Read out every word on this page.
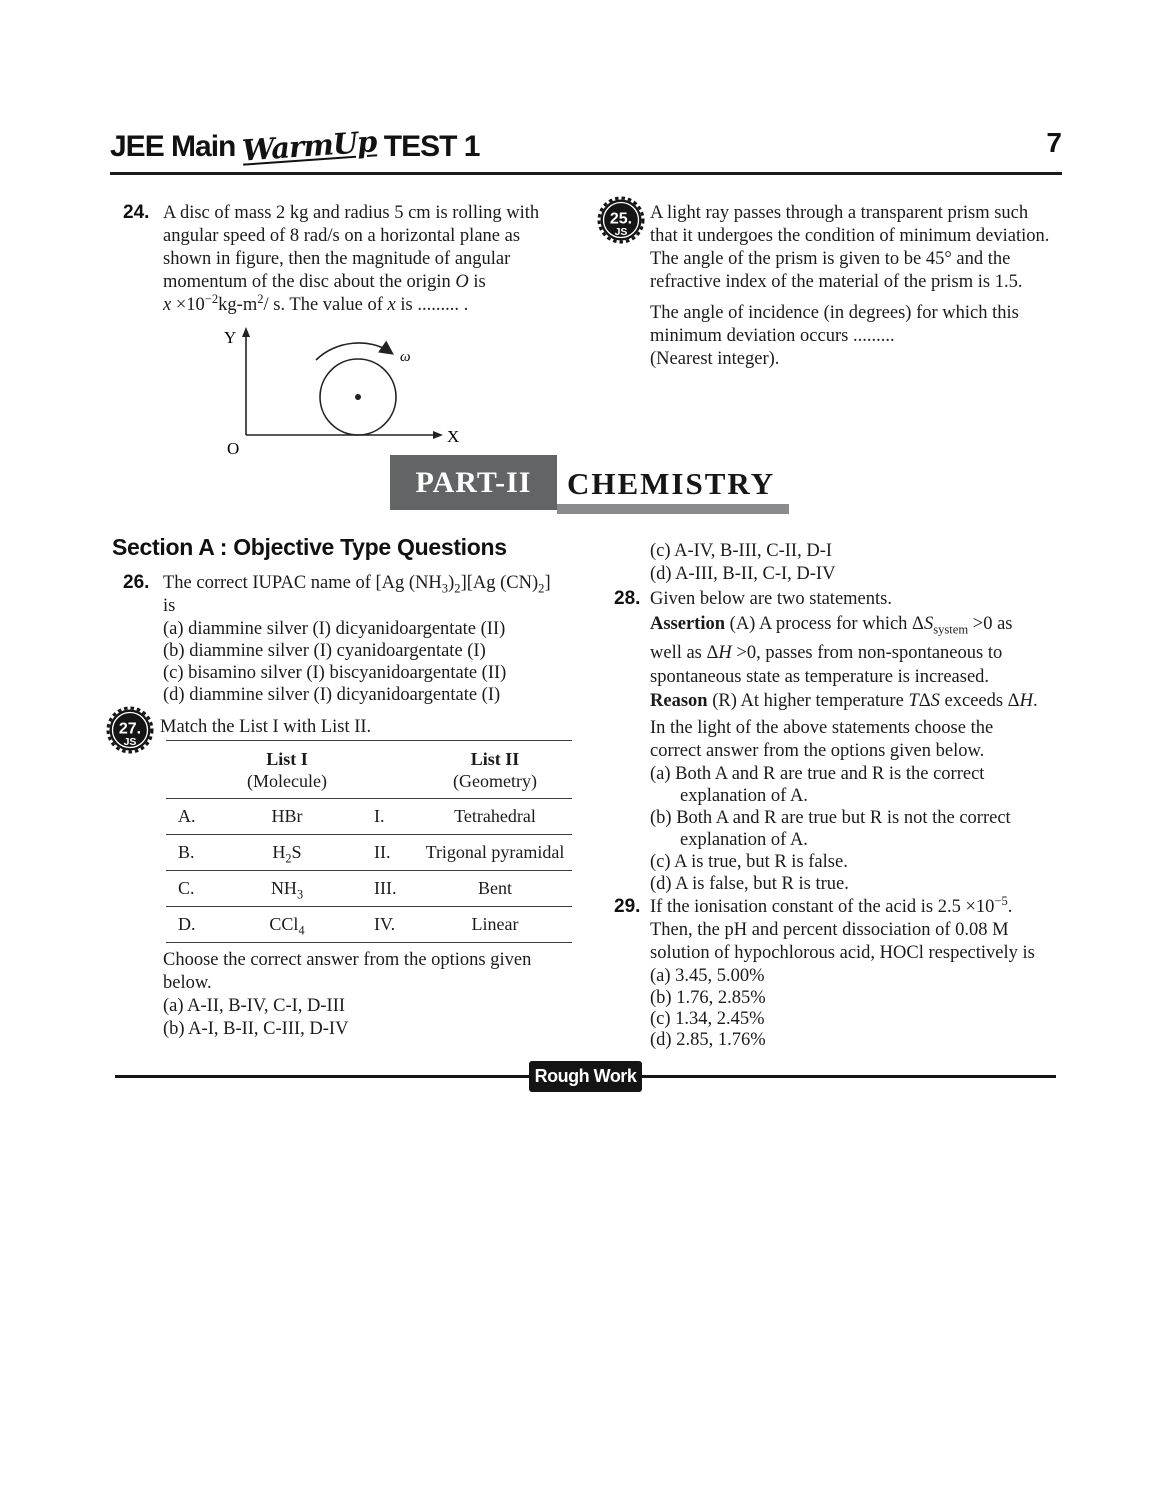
JEE Main WarmUp TEST 1	7
24. A disc of mass 2 kg and radius 5 cm is rolling with
angular speed of 8 rad/s on a horizontal plane as
shown in figure, then the magnitude of angular
momentum of the disc about the origin O is
$x \times 10^{-2}kg-m^2/$ s. The value of x is ......... .
Y
X
O
ω
25.
JS
A light ray passes through a transparent prism such
that it undergoes the condition of minimum deviation.
The angle of the prism is given to be 45° and the
refractive index of the material of the prism is 1.5.
The angle of incidence (in degrees) for which this
minimum deviation occurs .........
(Nearest integer).
PART-II CHEMISTRY
Section A : Objective Type Questions
26. The correct IUPAC name of [Ag $(NH_3)_2][Ag$ $(CN)_2$]
is
(a) diammine silver (I) dicyanidoargentate (II)
(b) diammine silver (I) cyanidoargentate (I)
(c) bisamino silver (I) biscyanidoargentate (II)
(d) diammine silver (I) dicyanidoargentate (I)
27.
JS
Match the List I with List II.
List I
(Molecule)
List II
(Geometry)
A.	HBr	I.	Tetrahedral
B.	$H_2S$	II.	Trigonal pyramidal
C.	$NH_3$	III.	Bent
D.	CCl$_4$	IV.	Linear
Choose the correct answer from the options given
below.
(a) A-II, B-IV, C-I, D-III
(b) A-I, B-II, C-III, D-IV
(c) A-IV, B-III, C-II, D-I
(d) A-III, B-II, C-I, D-IV
28. Given below are two statements.
Assertion (A) A process for which $\Delta S_{system} >0$ as
well as ΔH >0, passes from non-spontaneous to
spontaneous state as temperature is increased.
Reason (R) At higher temperature TΔS exceeds ΔH.
In the light of the above statements choose the
correct answer from the options given below.
(a) Both A and R are true and R is the correct
explanation of A.
(b) Both A and R are true but R is not the correct
explanation of A.
(c) A is true, but R is false.
(d) A is false, but R is true.
29. If the ionisation constant of the acid is $2.5 \times 10^{-5}$.
Then, the pH and percent dissociation of 0.08 M
solution of hypochlorous acid, HOCl respectively is
(a) 3.45, 5.00%
(b) 1.76, 2.85%
(c) 1.34, 2.45%
(d) 2.85, 1.76%
Rough Work
